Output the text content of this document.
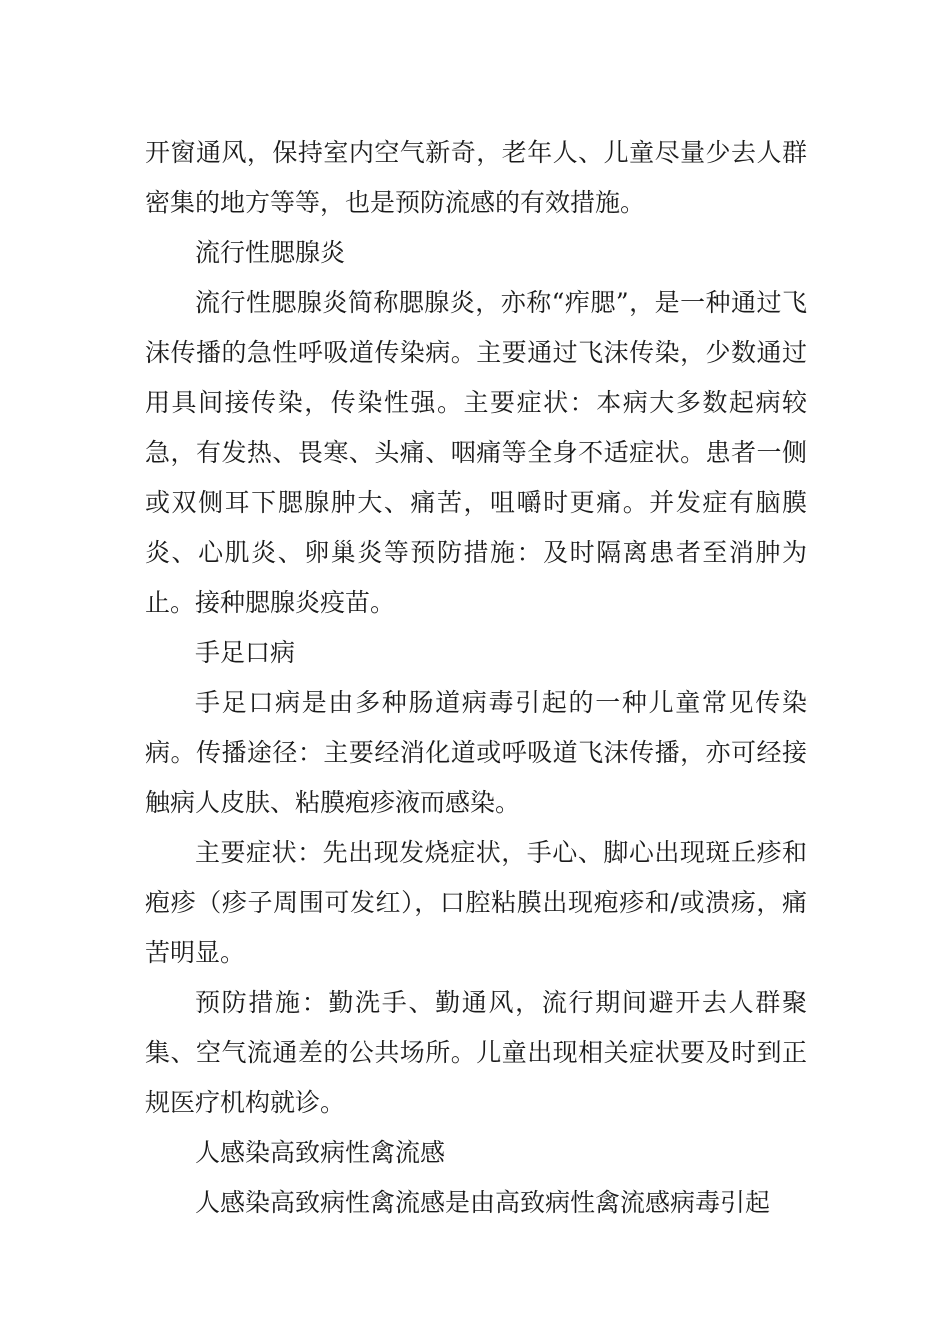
开窗通风，保持室内空气新奇，老年人、儿童尽量少去人群密集的地方等等，也是预防流感的有效措施。

流行性腮腺炎

流行性腮腺炎简称腮腺炎，亦称“痄腮”，是一种通过飞沫传播的急性呼吸道传染病。主要通过飞沫传染，少数通过用具间接传染，传染性强。主要症状：本病大多数起病较急，有发热、畏寒、头痛、咽痛等全身不适症状。患者一侧或双侧耳下腮腺肿大、痛苦，咀嚼时更痛。并发症有脑膜炎、心肌炎、卵巢炎等预防措施：及时隔离患者至消肿为止。接种腮腺炎疫苗。

手足口病

手足口病是由多种肠道病毒引起的一种儿童常见传染病。传播途径：主要经消化道或呼吸道飞沫传播，亦可经接触病人皮肤、粘膜疱疹液而感染。

主要症状：先出现发烧症状，手心、脚心出现斑丘疹和疱疹（疹子周围可发红），口腔粘膜出现疱疹和/或溃疡，痛苦明显。

预防措施：勤洗手、勤通风，流行期间避开去人群聚集、空气流通差的公共场所。儿童出现相关症状要及时到正规医疗机构就诊。

人感染高致病性禽流感

人感染高致病性禽流感是由高致病性禽流感病毒引起
